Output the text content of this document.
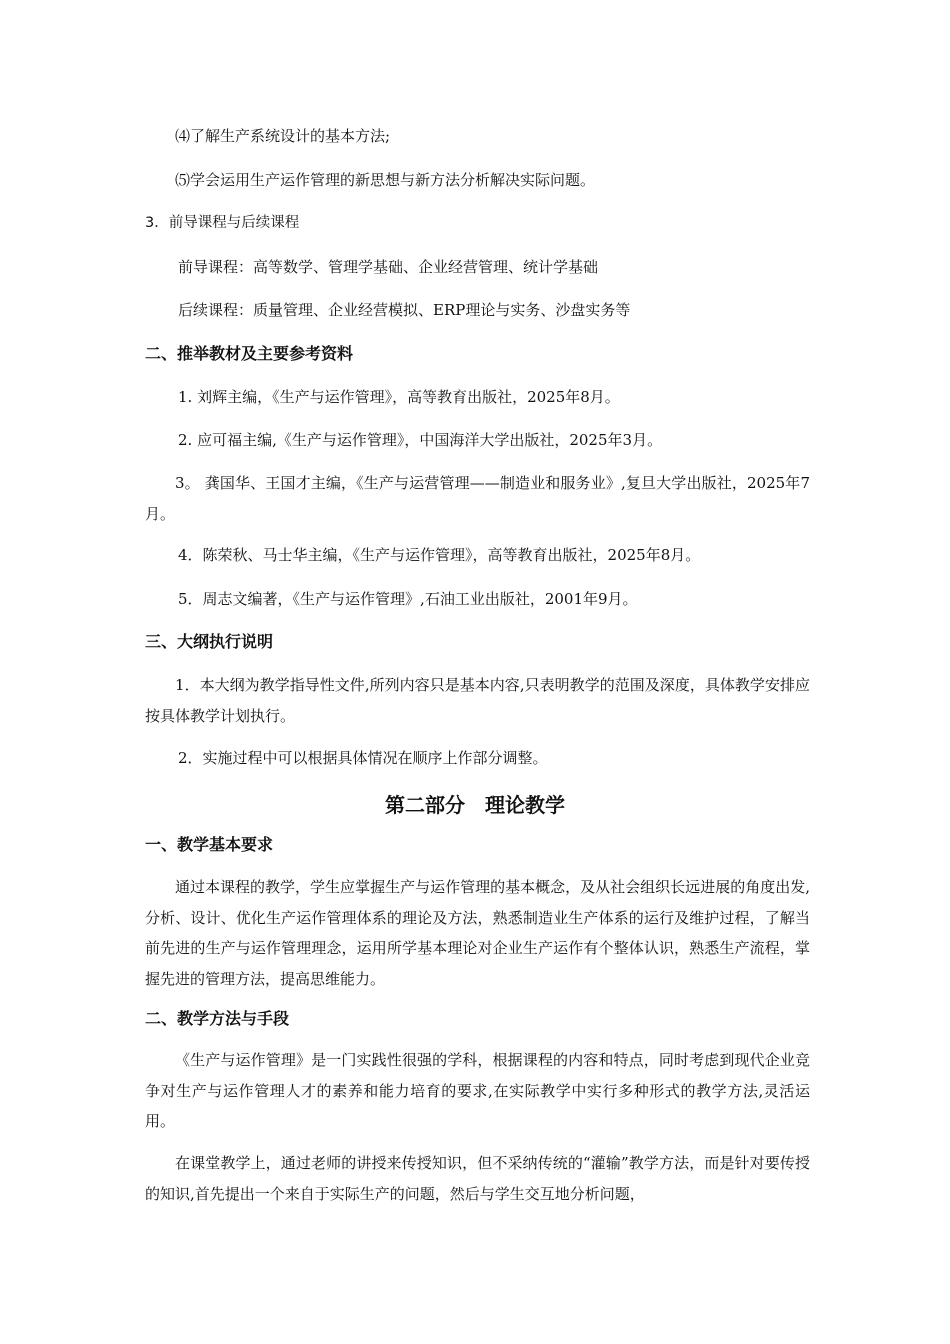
⑷了解生产系统设计的基本方法;
⑸学会运用生产运作管理的新思想与新方法分析解决实际问题。
3．前导课程与后续课程
前导课程：高等数学、管理学基础、企业经营管理、统计学基础
后续课程：质量管理、企业经营模拟、ERP理论与实务、沙盘实务等
二、推举教材及主要参考资料
1. 刘辉主编，《生产与运作管理》，高等教育出版社，2025年8月。
2. 应可福主编,《生产与运作管理》，中国海洋大学出版社，2025年3月。
3。 龚国华、王国才主编，《生产与运营管理——制造业和服务业》,复旦大学出版社，2025年7月。
4．陈荣秋、马士华主编，《生产与运作管理》，高等教育出版社，2025年8月。
5．周志文编著，《生产与运作管理》,石油工业出版社，2001年9月。
三、大纲执行说明
1．本大纲为教学指导性文件,所列内容只是基本内容,只表明教学的范围及深度，具体教学安排应按具体教学计划执行。
2．实施过程中可以根据具体情况在顺序上作部分调整。
第二部分　理论教学
一、教学基本要求
通过本课程的教学，学生应掌握生产与运作管理的基本概念，及从社会组织长远进展的角度出发,分析、设计、优化生产运作管理体系的理论及方法，熟悉制造业生产体系的运行及维护过程，了解当前先进的生产与运作管理理念，运用所学基本理论对企业生产运作有个整体认识，熟悉生产流程，掌握先进的管理方法，提高思维能力。
二、教学方法与手段
《生产与运作管理》是一门实践性很强的学科，根据课程的内容和特点，同时考虑到现代企业竞争对生产与运作管理人才的素养和能力培育的要求,在实际教学中实行多种形式的教学方法,灵活运用。
在课堂教学上，通过老师的讲授来传授知识，但不采纳传统的“灌输”教学方法，而是针对要传授的知识,首先提出一个来自于实际生产的问题，然后与学生交互地分析问题，
